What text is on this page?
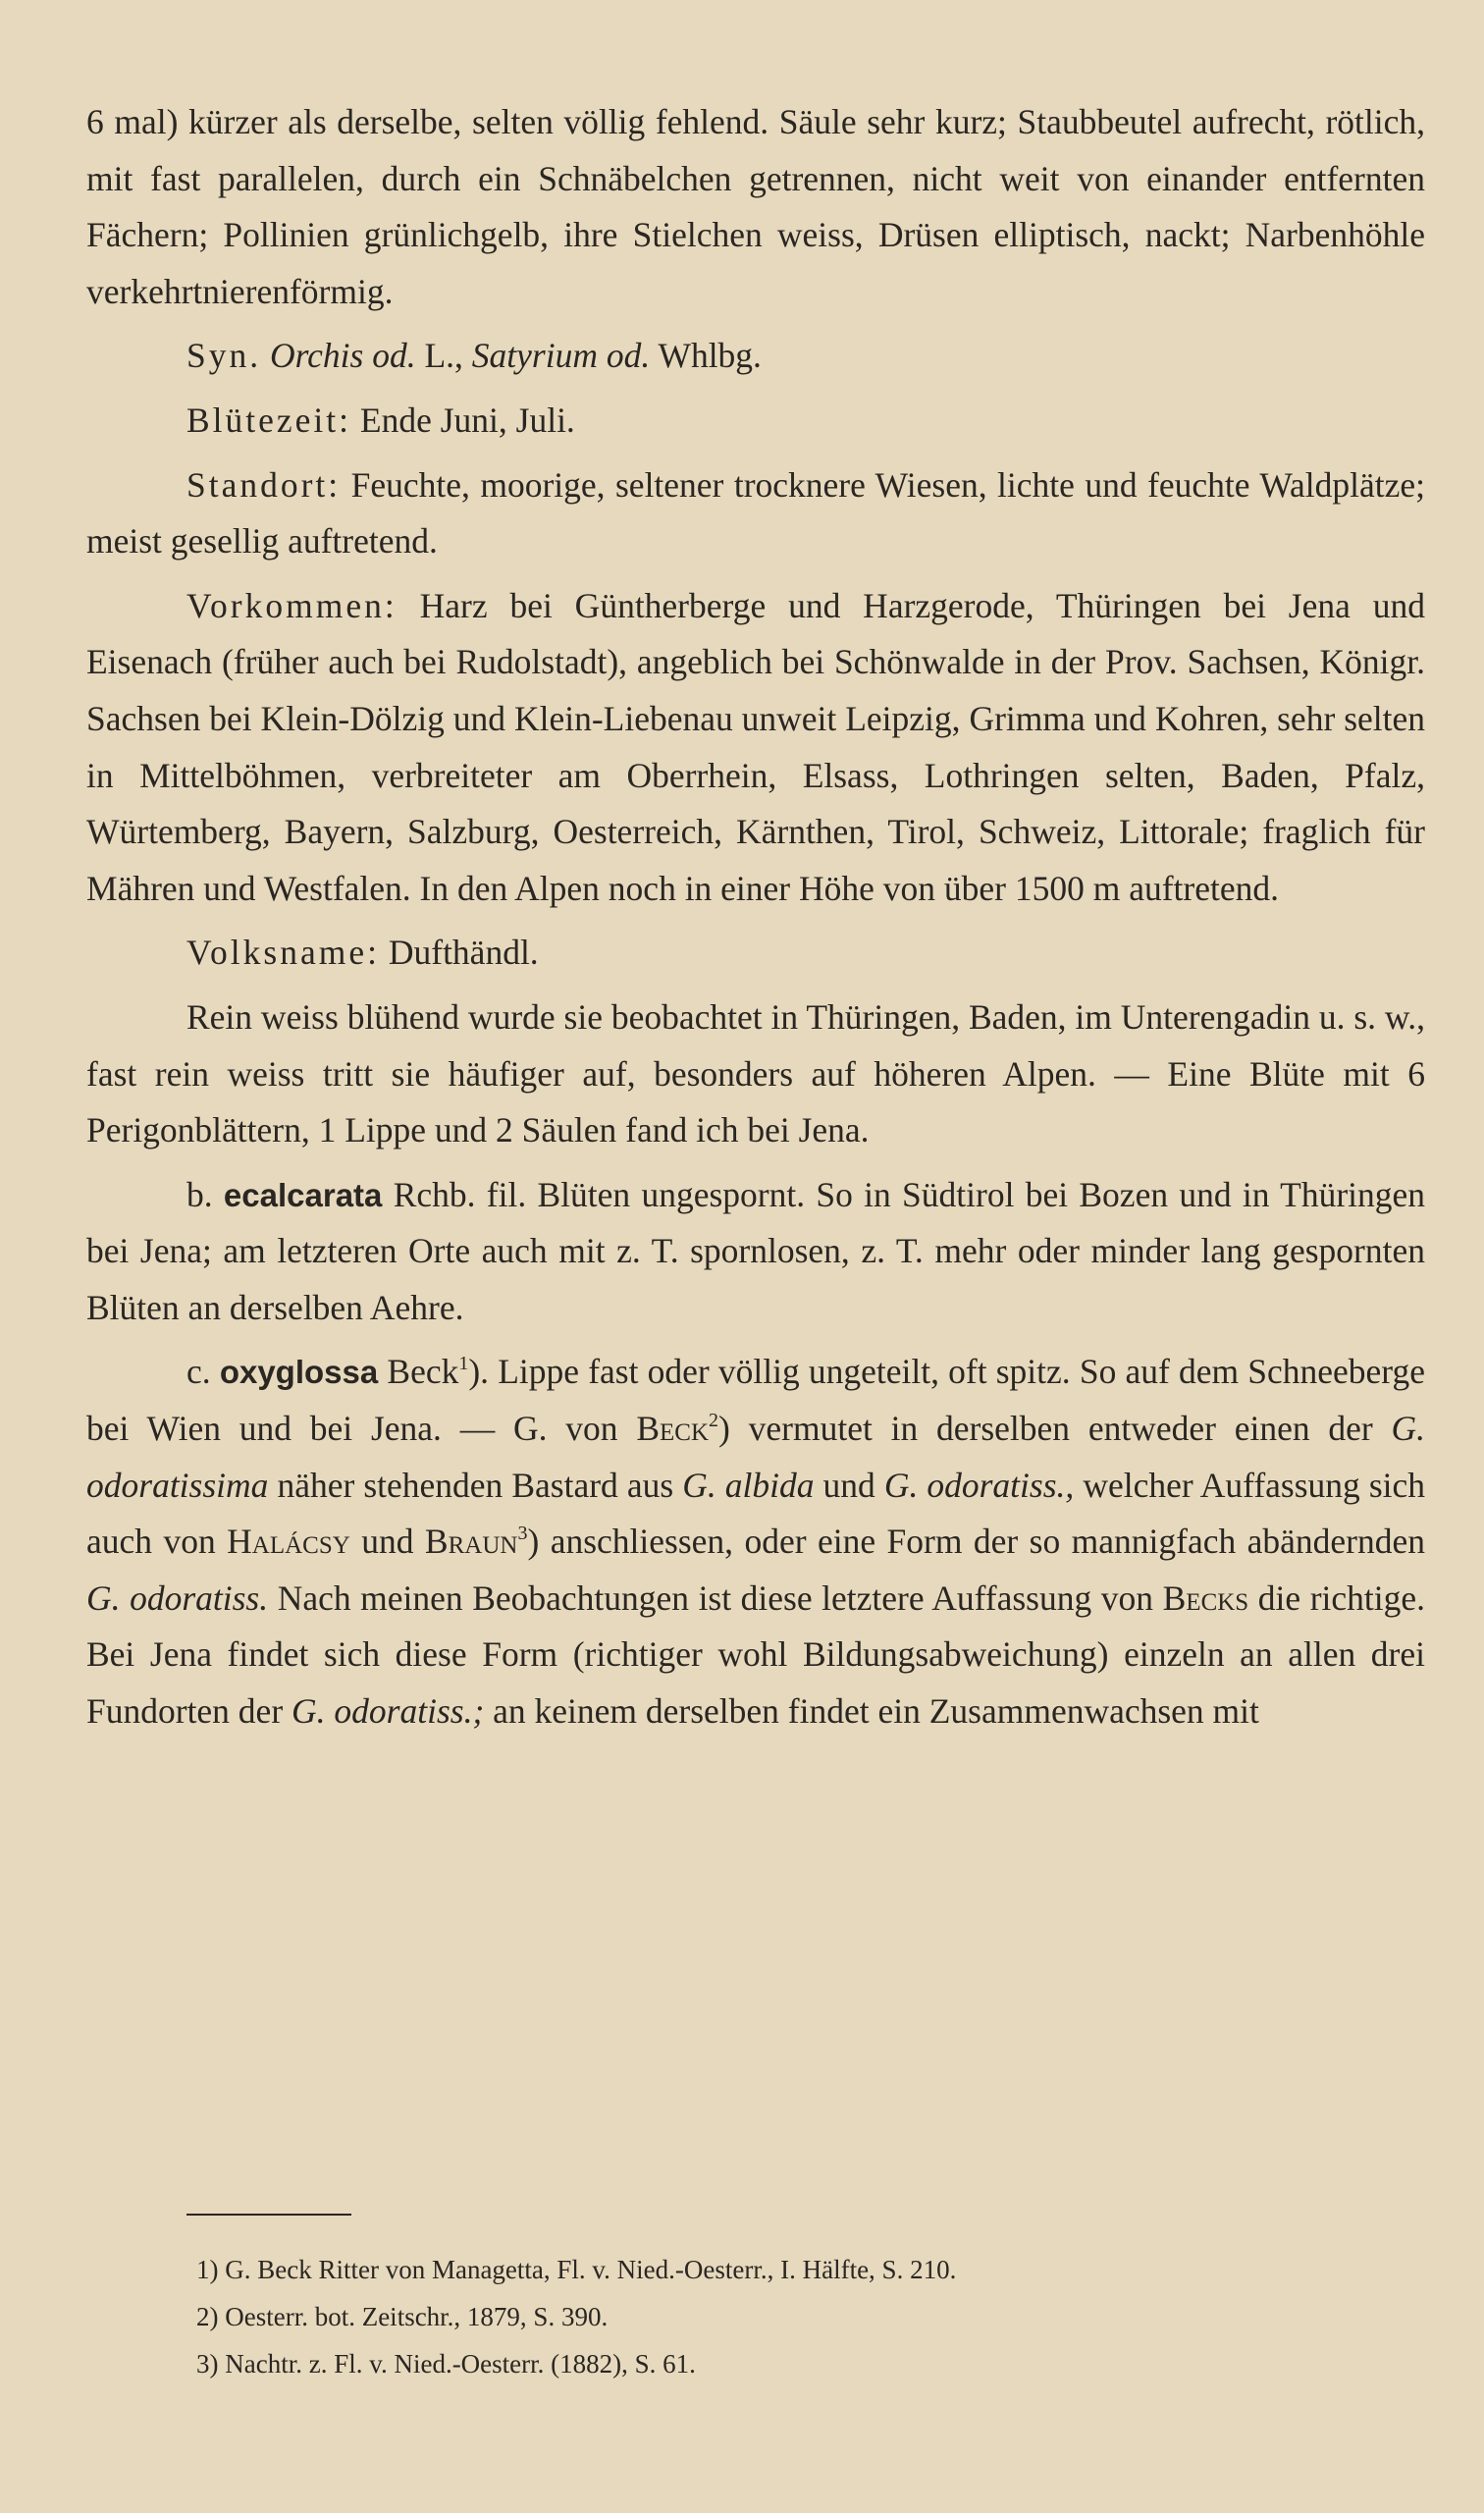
6 mal) kürzer als derselbe, selten völlig fehlend. Säule sehr kurz; Staubbeutel aufrecht, rötlich, mit fast parallelen, durch ein Schnäbelchen getrennen, nicht weit von einander entfernten Fächern; Pollinien grünlichgelb, ihre Stielchen weiss, Drüsen elliptisch, nackt; Narbenhöhle verkehrtnierenförmig.

Syn. Orchis od. L., Satyrium od. Whlbg.

Blütezeit: Ende Juni, Juli.

Standort: Feuchte, moorige, seltener trocknere Wiesen, lichte und feuchte Waldplätze; meist gesellig auftretend.

Vorkommen: Harz bei Güntherberge und Harzgerode, Thüringen bei Jena und Eisenach (früher auch bei Rudolstadt), angeblich bei Schönwalde in der Prov. Sachsen, Königr. Sachsen bei Klein-Dölzig und Klein-Liebenau unweit Leipzig, Grimma und Kohren, sehr selten in Mittelböhmen, verbreiteter am Oberrhein, Elsass, Lothringen selten, Baden, Pfalz, Würtemberg, Bayern, Salzburg, Oesterreich, Kärnthen, Tirol, Schweiz, Littorale; fraglich für Mähren und Westfalen. In den Alpen noch in einer Höhe von über 1500 m auftretend.

Volksname: Dufthändl.

Rein weiss blühend wurde sie beobachtet in Thüringen, Baden, im Unterengadin u. s. w., fast rein weiss tritt sie häufiger auf, besonders auf höheren Alpen. — Eine Blüte mit 6 Perigonblättern, 1 Lippe und 2 Säulen fand ich bei Jena.

b. ecalcarata Rchb. fil. Blüten ungespornt. So in Südtirol bei Bozen und in Thüringen bei Jena; am letzteren Orte auch mit z. T. spornlosen, z. T. mehr oder minder lang gespornten Blüten an derselben Aehre.

c. oxyglossa Beck$^1$). Lippe fast oder völlig ungeteilt, oft spitz. So auf dem Schneeberge bei Wien und bei Jena. — G. von Beck$^2$) vermutet in derselben entweder einen der G. odoratissima näher stehenden Bastard aus G. albida und G. odoratiss., welcher Auffassung sich auch von Halácsy und Braun$^3$) anschliessen, oder eine Form der so mannigfach abändernden G. odoratiss. Nach meinen Beobachtungen ist diese letztere Auffassung von Becks die richtige. Bei Jena findet sich diese Form (richtiger wohl Bildungsabweichung) einzeln an allen drei Fundorten der G. odoratiss.; an keinem derselben findet ein Zusammenwachsen mit

1) G. Beck Ritter von Managetta, Fl. v. Nied.-Oesterr., I. Hälfte, S. 210.
2) Oesterr. bot. Zeitschr., 1879, S. 390.
3) Nachtr. z. Fl. v. Nied.-Oesterr. (1882), S. 61.
